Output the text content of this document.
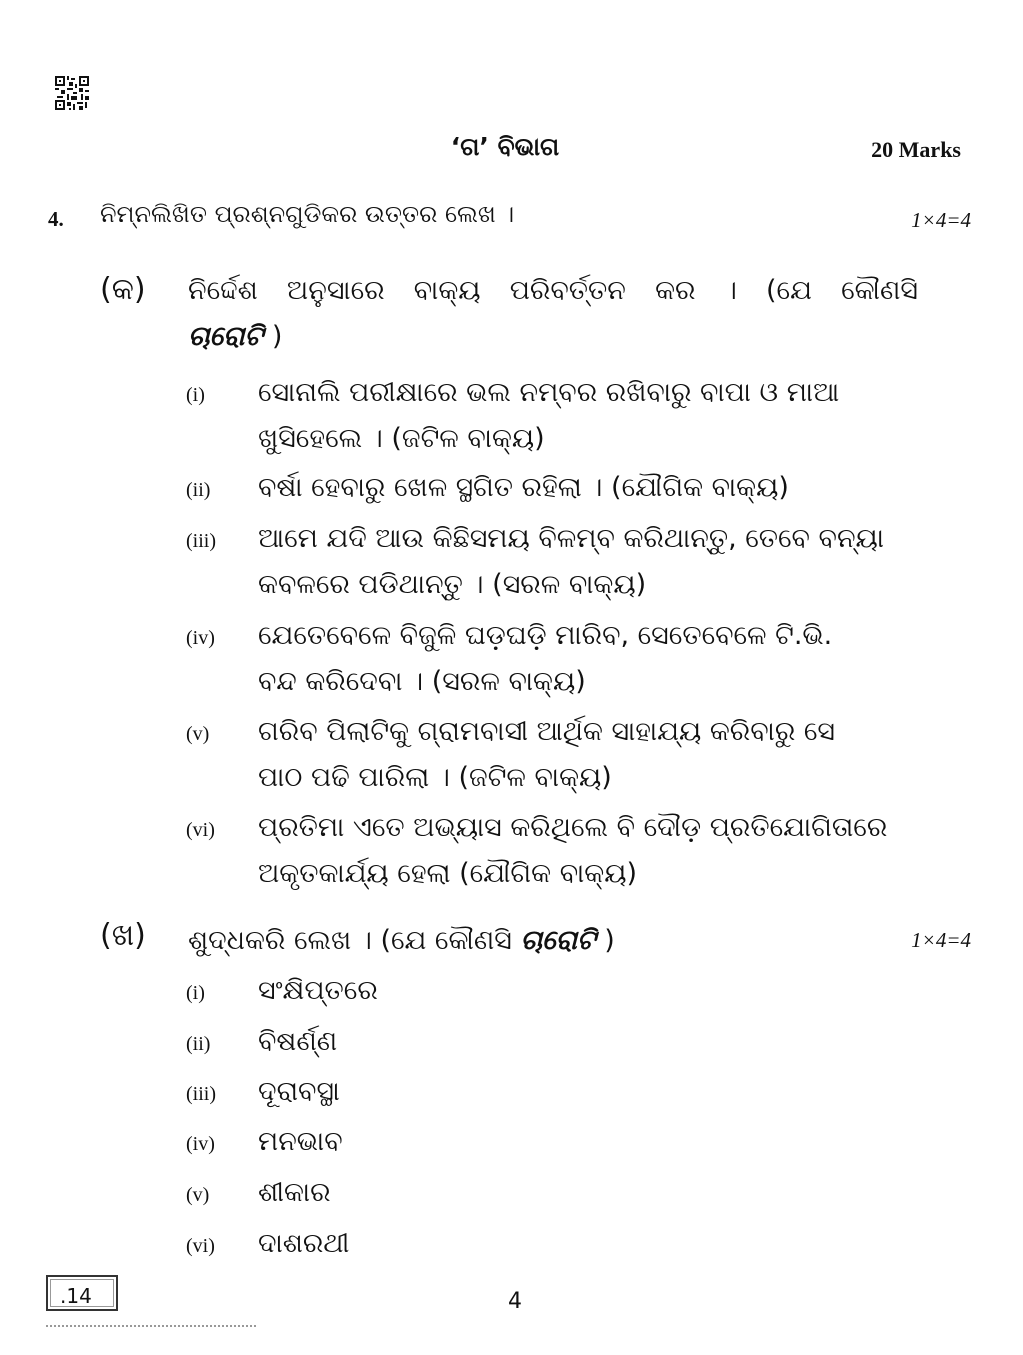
‘ଗ’ ବିଭାଗ	20 Marks
4. ନିମ୍ନଲିଖିତ ପ୍ରଶ୍ନଗୁଡିକର ଉତ୍ତର ଲେଖ ।	1×4=4
(କ) ନିର୍ଦ୍ଦେଶ ଅନୁସାରେ ବାକ୍ୟ ପରିବର୍ତ୍ତନ କର । (ଯେ କୌଣସି
ଚାରୋଟି )
(i) ସୋନାଲି ପରୀକ୍ଷାରେ ଭଲ ନମ୍ବର ରଖିବାରୁ ବାପା ଓ ମାଆ
ଖୁସିହେଲେ । (ଜଟିଳ ବାକ୍ୟ)
(ii) ବର୍ଷା ହେବାରୁ ଖେଳ ସ୍ଥଗିତ ରହିଲା । (ଯୌଗିକ ବାକ୍ୟ)
(iii) ଆମେ ଯଦି ଆଉ କିଛିସମୟ ବିଳମ୍ବ କରିଥାନ୍ତୁ, ତେବେ ବନ୍ୟା
କବଳରେ ପଡିଥାନ୍ତୁ । (ସରଳ ବାକ୍ୟ)
(iv) ଯେତେବେଳେ ବିଜୁଳି ଘଡ଼ଘଡ଼ି ମାରିବ, ସେତେବେଳେ ଟି.ଭି.
ବନ୍ଦ କରିଦେବା । (ସରଳ ବାକ୍ୟ)
(v) ଗରିବ ପିଲାଟିକୁ ଗ୍ରାମବାସୀ ଆର୍ଥିକ ସାହାଯ୍ୟ କରିବାରୁ ସେ
ପାଠ ପଢି ପାରିଲା । (ଜଟିଳ ବାକ୍ୟ)
(vi) ପ୍ରତିମା ଏତେ ଅଭ୍ୟାସ କରିଥିଲେ ବି ଦୌଡ଼ ପ୍ରତିଯୋଗିତାରେ
ଅକୃତକାର୍ଯ୍ୟ ହେଲା (ଯୌଗିକ ବାକ୍ୟ)
(ଖ) ଶୁଦ୍ଧକରି ଲେଖ । (ଯେ କୌଣସି ଚାରୋଟି )	1×4=4
(i) ସଂକ୍ଷିପ୍ତରେ
(ii) ବିଷର୍ଣ୍ଣ
(iii) ଦୂରାବସ୍ଥା
(iv) ମନଭାବ
(v) ଶୀକାର
(vi) ଦାଶରଥୀ
.14	4
